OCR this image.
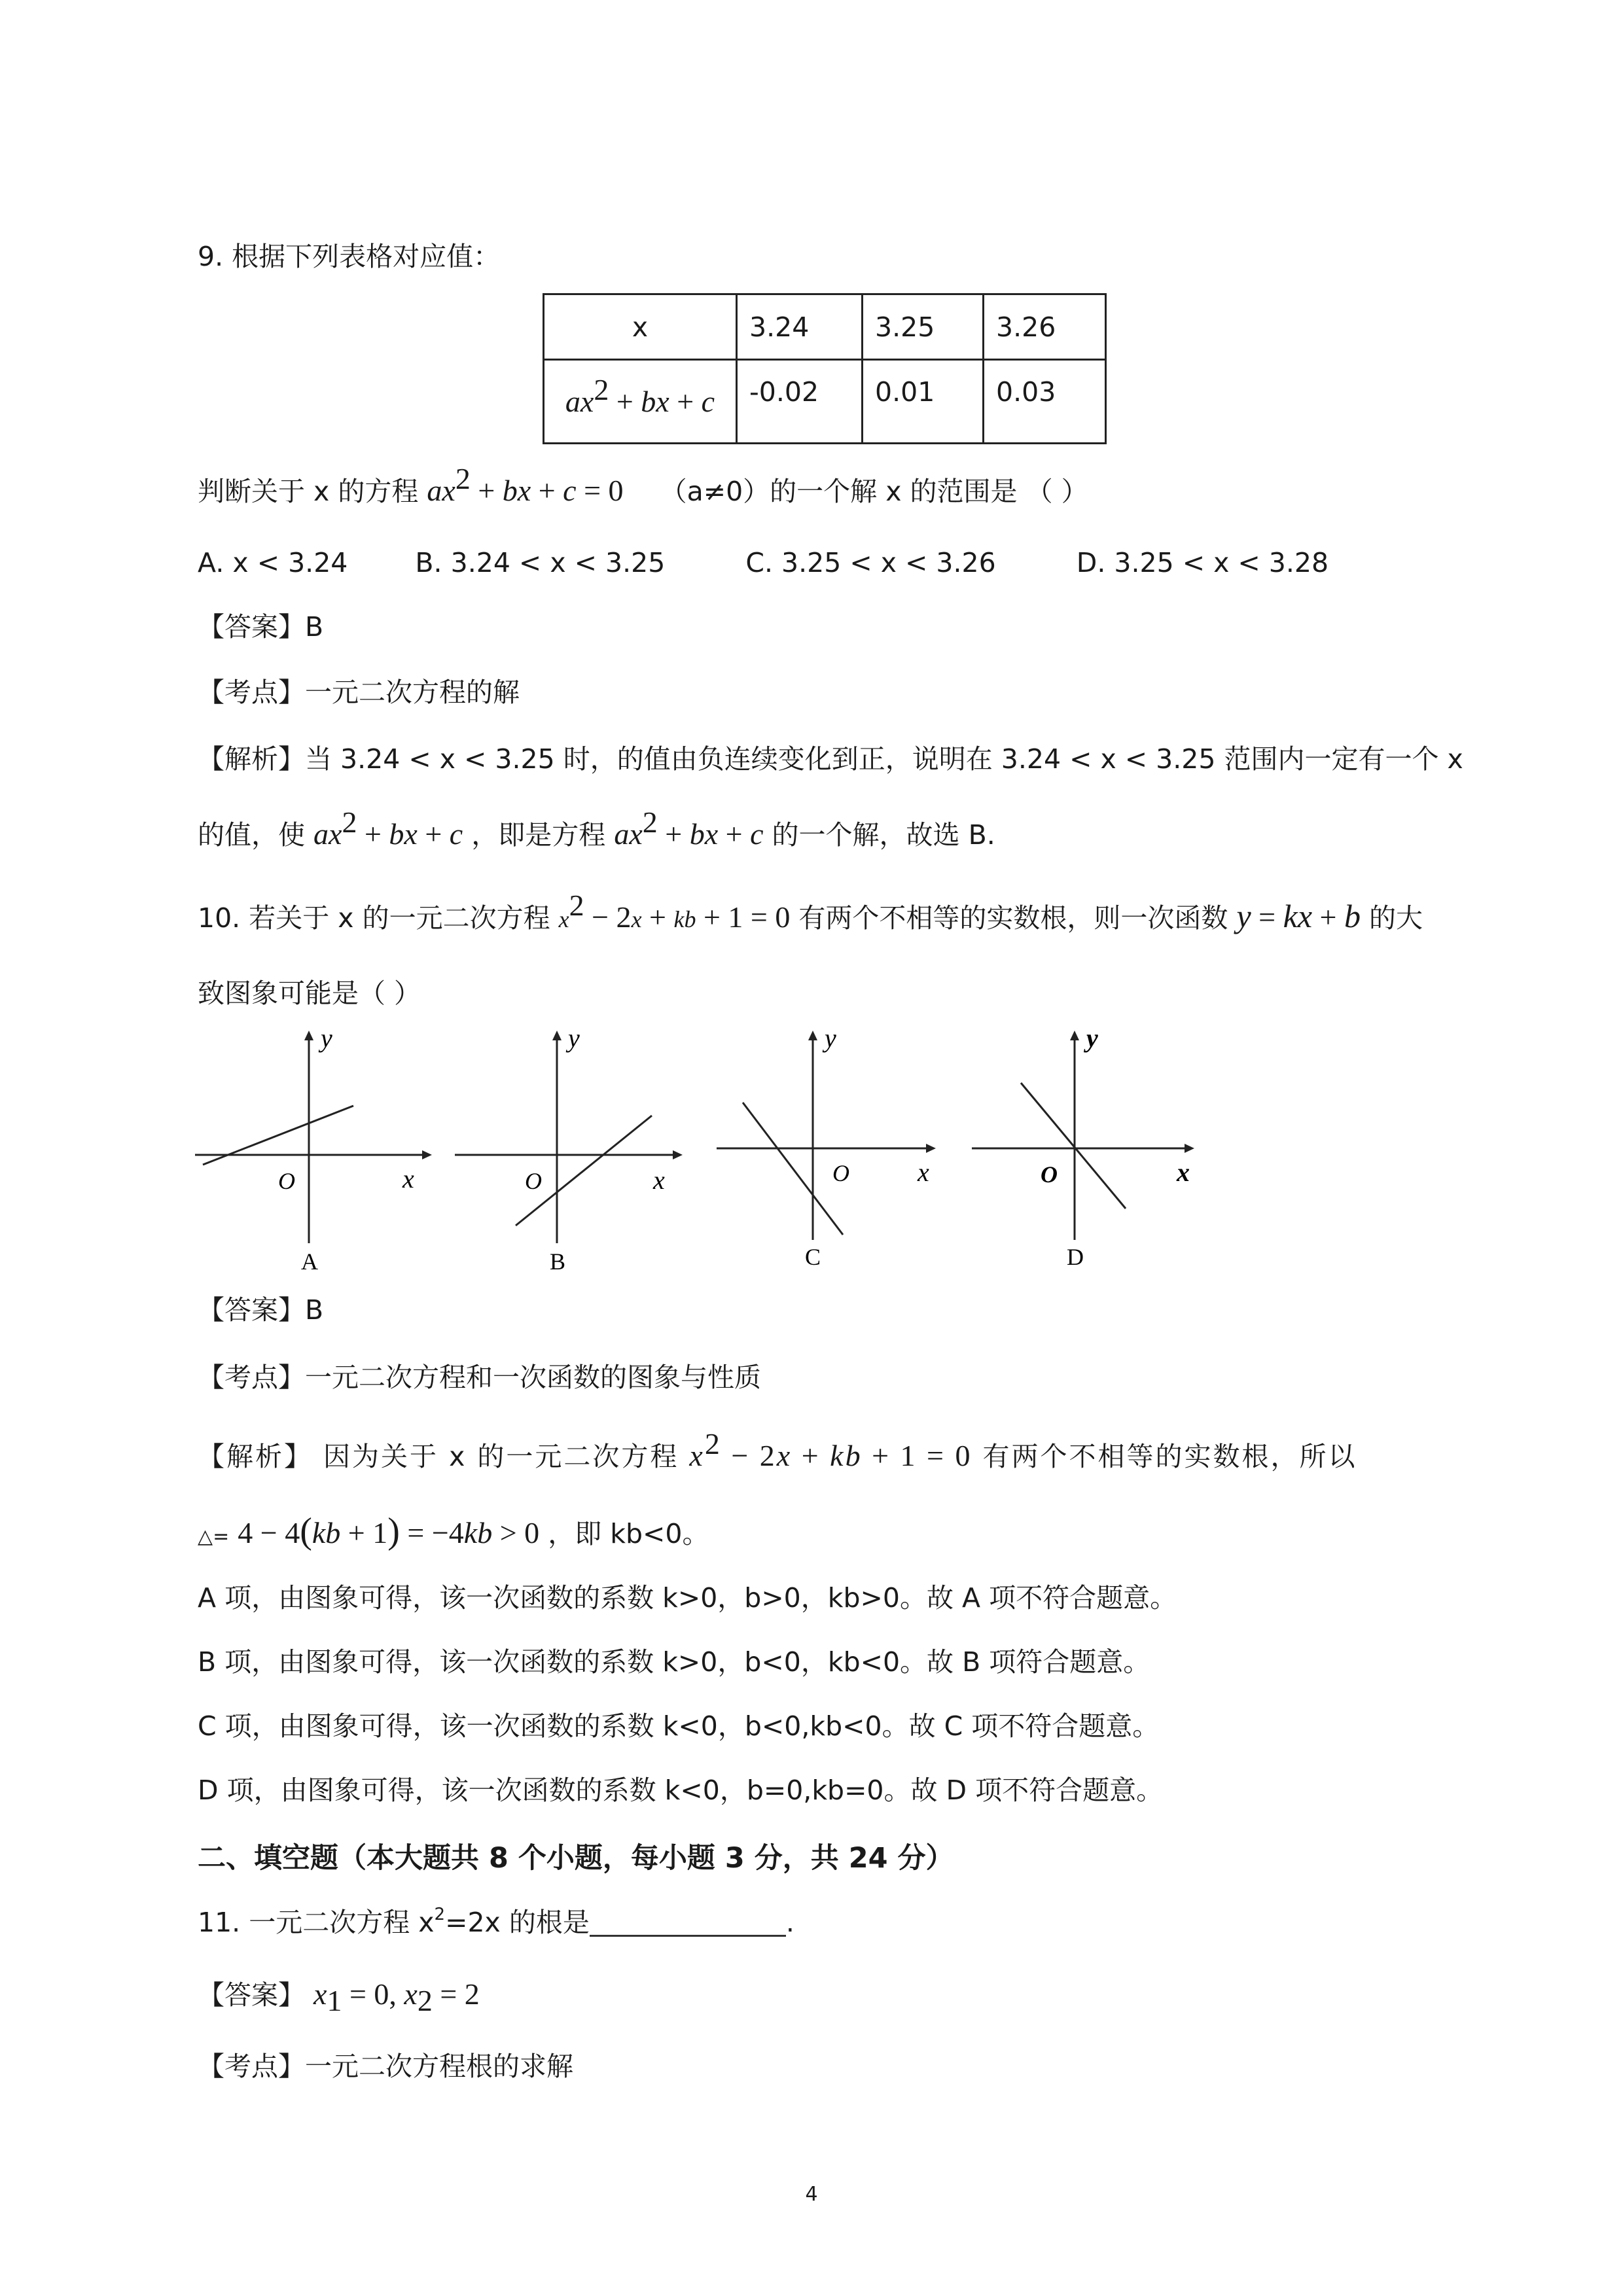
9. 根据下列表格对应值：
x	3.24	3.25	3.26
$ax^2$ + bx + c	-0.02	0.01	0.03
判断关于 x 的方程 $ax^2$ + bx + c = 0 （a≠0）的一个解 x 的范围是 （ ）
A. x < 3.24	B. 3.24 < x < 3.25	C. 3.25 < x < 3.26	D. 3.25 < x < 3.28
【答案】B
【考点】一元二次方程的解
【解析】当 3.24 < x < 3.25 时，的值由负连续变化到正，说明在 3.24 < x < 3.25 范围内一定有一个 x
的值，使 $ax^2$ + bx + c ，即是方程 $ax^2$ + bx + c 的一个解，故选 B.
10. 若关于 x 的一元二次方程 $x^2 - 2x$ + kb + 1 = 0 有两个不相等的实数根，则一次函数 y = kx + b 的大
致图象可能是（ ）
y
x
O
A
y
x
O
B
y
x
O
C
y
x
O
D
【答案】B
【考点】一元二次方程和一次函数的图象与性质
【解析】 因为关于 x 的一元二次方程 $x^2 - 2x$ + kb + 1 = 0 有两个不相等的实数根，所以
△= 4 − 4(kb + 1) = −4kb > 0 ，即 kb<0。
A 项，由图象可得，该一次函数的系数 k>0，b>0，kb>0。故 A 项不符合题意。
B 项，由图象可得，该一次函数的系数 k>0，b<0，kb<0。故 B 项符合题意。
C 项，由图象可得，该一次函数的系数 k<0，b<0,kb<0。故 C 项不符合题意。
D 项，由图象可得，该一次函数的系数 k<0，b=0,kb=0。故 D 项不符合题意。
二、填空题（本大题共 8 个小题，每小题 3 分，共 24 分）
11. 一元二次方程 $x^2=2x$ 的根是	.
【答案】 $x_1 = 0$, $x_2 = 2$
【考点】一元二次方程根的求解
4
